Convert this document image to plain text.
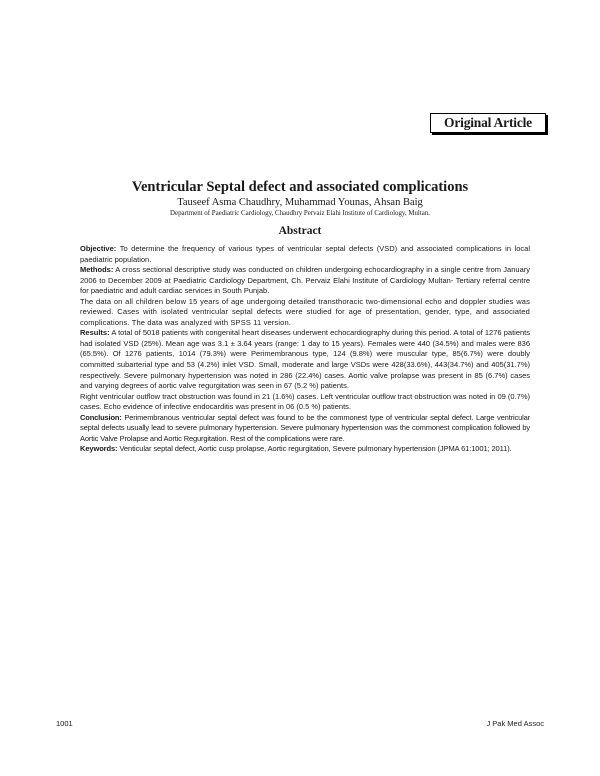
Original Article
Ventricular Septal defect and associated complications
Tauseef Asma Chaudhry, Muhammad Younas, Ahsan Baig
Department of Paediatric Cardiology, Chaudhry Pervaiz Elahi Institute of Cardiology, Multan.
Abstract

Objective: To determine the frequency of various types of ventricular septal defects (VSD) and associated complications in local paediatric population.

Methods: A cross sectional descriptive study was conducted on children undergoing echocardiography in a single centre from January 2006 to December 2009 at Paediatric Cardiology Department, Ch. Pervaiz Elahi Institute of Cardiology Multan- Tertiary referral centre for paediatric and adult cardiac services in South Punjab.

The data on all children below 15 years of age undergoing detailed transthoracic two-dimensional echo and doppler studies was reviewed. Cases with isolated ventricular septal defects were studied for age of presentation, gender, type, and associated complications. The data was analyzed with SPSS 11 version.

Results: A total of 5018 patients with congenital heart diseases underwent echocardiography during this period. A total of 1276 patients had isolated VSD (25%). Mean age was 3.1 ± 3.64 years (range: 1 day to 15 years). Females were 440 (34.5%) and males were 836 (65.5%). Of 1276 patients, 1014 (79.3%) were Perimembranous type, 124 (9.8%) were muscular type, 85(6.7%) were doubly committed subarterial type and 53 (4.2%) inlet VSD. Small, moderate and large VSDs were 428(33.6%), 443(34.7%) and 405(31.7%) respectively. Severe pulmonary hypertension was noted in 286 (22.4%) cases. Aortic valve prolapse was present in 85 (6.7%) cases and varying degrees of aortic valve regurgitation was seen in 67 (5.2 %) patients.

Right ventricular outflow tract obstruction was found in 21 (1.6%) cases. Left ventricular outflow tract obstruction was noted in 09 (0.7%) cases. Echo evidence of infective endocarditis was present in 06 (0.5 %) patients.

Conclusion: Perimembranous ventricular septal defect was found to be the commonest type of ventricular septal defect. Large ventricular septal defects usually lead to severe pulmonary hypertension. Severe pulmonary hypertension was the commonest complication followed by Aortic Valve Prolapse and Aortic Regurgitation. Rest of the complications were rare.

Keywords: Venticular septal defect, Aortic cusp prolapse, Aortic regurgitation, Severe pulmonary hypertension (JPMA 61:1001; 2011).

1001	J Pak Med Assoc
